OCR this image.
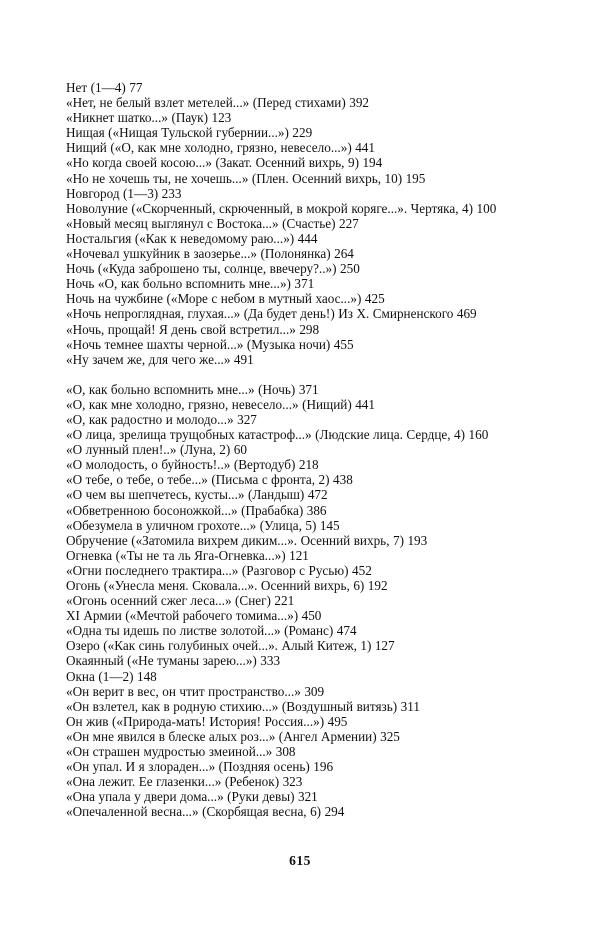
Нет (1—4) 77
«Нет, не белый взлет метелей...» (Перед стихами) 392
«Никнет шатко...» (Паук) 123
Нищая («Нищая Тульской губернии...») 229
Нищий («О, как мне холодно, грязно, невесело...») 441
«Но когда своей косою...» (Закат. Осенний вихрь, 9) 194
«Но не хочешь ты, не хочешь...» (Плен. Осенний вихрь, 10) 195
Новгород (1—3) 233
Новолуние («Скорченный, скрюченный, в мокрой коряге...». Чертяка, 4) 100
«Новый месяц выглянул с Востока...» (Счастье) 227
Ностальгия («Как к неведомому раю...») 444
«Ночевал ушкуйник в заозерье...» (Полонянка) 264
Ночь («Куда заброшено ты, солнце, ввечеру?..») 250
Ночь «О, как больно вспомнить мне...») 371
Ночь на чужбине («Море с небом в мутный хаос...») 425
«Ночь непроглядная, глухая...» (Да будет день!) Из Х. Смирненского 469
«Ночь, прощай! Я день свой встретил...» 298
«Ночь темнее шахты черной...» (Музыка ночи) 455
«Ну зачем же, для чего же...» 491
«О, как больно вспомнить мне...» (Ночь) 371
«О, как мне холодно, грязно, невесело...» (Нищий) 441
«О, как радостно и молодо...» 327
«О лица, зрелища трущобных катастроф...» (Людские лица. Сердце, 4) 160
«О лунный плен!..» (Луна, 2) 60
«О молодость, о буйность!..» (Вертодуб) 218
«О тебе, о тебе, о тебе...» (Письма с фронта, 2) 438
«О чем вы шепчетесь, кусты...» (Ландыш) 472
«Обветренною босоножкой...» (Прабабка) 386
«Обезумела в уличном грохоте...» (Улица, 5) 145
Обручение («Затомила вихрем диким...». Осенний вихрь, 7) 193
Огневка («Ты не та ль Яга-Огневка...») 121
«Огни последнего трактира...» (Разговор с Русью) 452
Огонь («Унесла меня. Сковала...». Осенний вихрь, 6) 192
«Огонь осенний сжег леса...» (Снег) 221
XI Армии («Мечтой рабочего томима...») 450
«Одна ты идешь по листве золотой...» (Романс) 474
Озеро («Как синь голубиных очей...». Алый Китеж, 1) 127
Окаянный («Не туманы зарею...») 333
Окна (1—2) 148
«Он верит в вес, он чтит пространство...» 309
«Он взлетел, как в родную стихию...» (Воздушный витязь) 311
Он жив («Природа-мать! История! Россия...») 495
«Он мне явился в блеске алых роз...» (Ангел Армении) 325
«Он страшен мудростью змеиной...» 308
«Он упал. И я злораден...» (Поздняя осень) 196
«Она лежит. Ее глазенки...» (Ребенок) 323
«Она упала у двери дома...» (Руки девы) 321
«Опечаленной весна...» (Скорбящая весна, 6) 294
615
